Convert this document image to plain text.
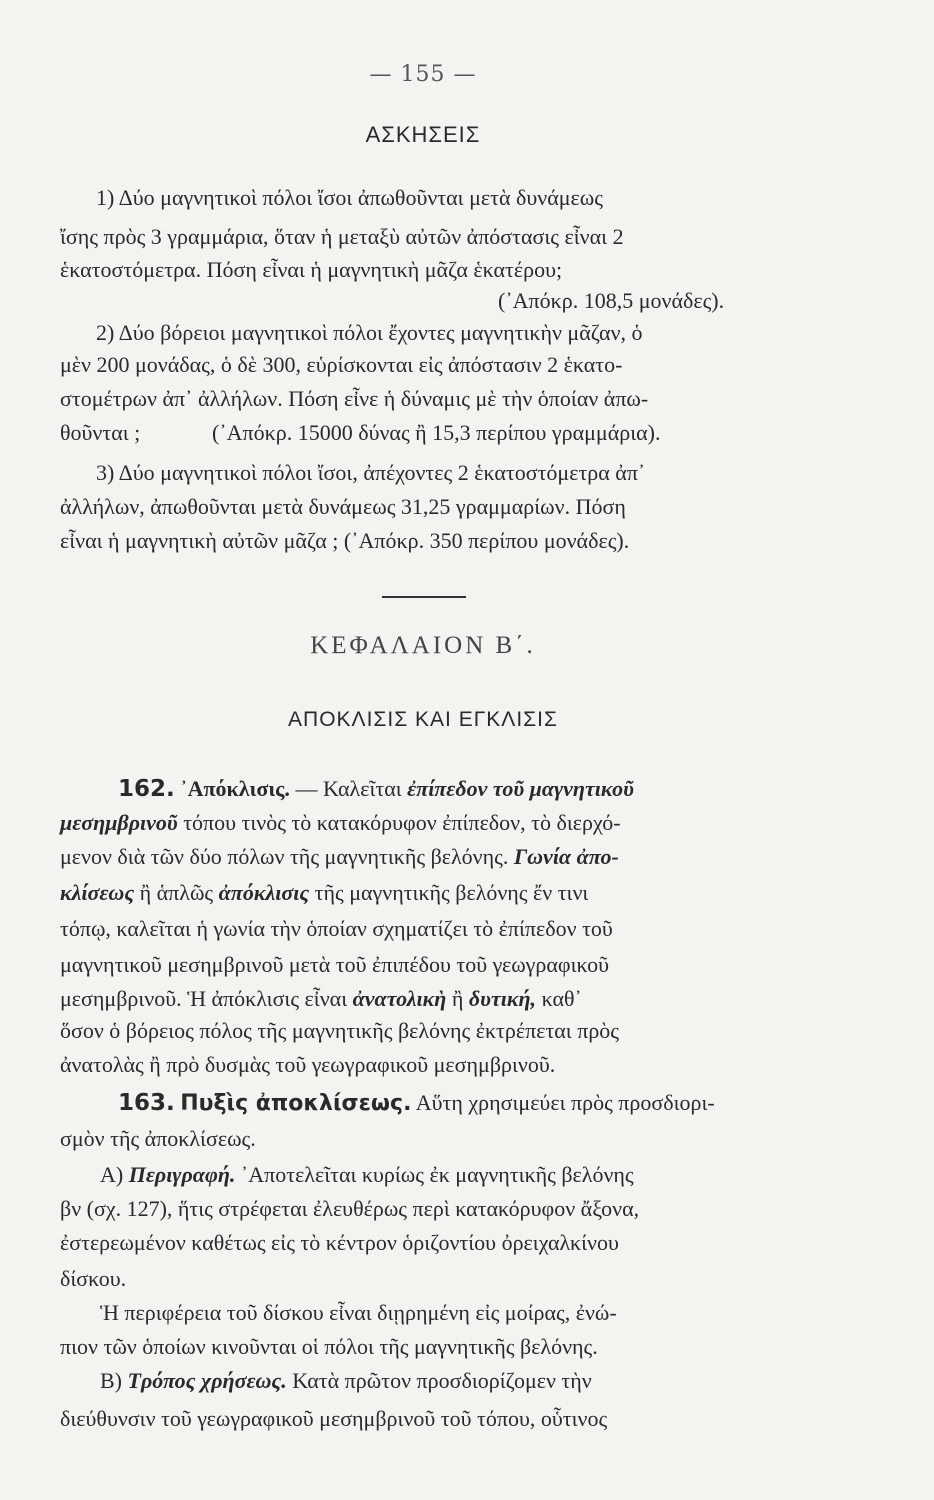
— 155 —
ΑΣΚΗΣΕΙΣ
1) Δύο μαγνητικοὶ πόλοι ἴσοι ἀπωθοῦνται μετὰ δυνάμεως
ἴσης πρὸς 3 γραμμάρια, ὅταν ἡ μεταξὺ αὐτῶν ἀπόστασις εἶναι 2
ἑκατοστόμετρα. Πόση εἶναι ἡ μαγνητικὴ μᾶζα ἑκατέρου;
(᾿Απόκρ. 108,5 μονάδες).
2) Δύο βόρειοι μαγνητικοὶ πόλοι ἔχοντες μαγνητικὴν μᾶζαν, ὁ
μὲν 200 μονάδας, ὁ δὲ 300, εὑρίσκονται εἰς ἀπόστασιν 2 ἑκατο-
στομέτρων ἀπ᾿ ἀλλήλων. Πόση εἶνε ἡ δύναμις μὲ τὴν ὁποίαν ἀπω-
θοῦνται ;	(᾿Απόκρ. 15000 δύνας ἢ 15,3 περίπου γραμμάρια).
3) Δύο μαγνητικοὶ πόλοι ἴσοι, ἀπέχοντες 2 ἑκατοστόμετρα ἀπ᾿
ἀλλήλων, ἀπωθοῦνται μετὰ δυνάμεως 31,25 γραμμαρίων. Πόση
εἶναι ἡ μαγνητικὴ αὐτῶν μᾶζα ; (᾿Απόκρ. 350 περίπου μονάδες).
ΚΕΦΑΛΑΙΟΝ Β΄.
ΑΠΟΚΛΙΣΙΣ ΚΑΙ ΕΓΚΛΙΣΙΣ
162. ᾿Απόκλισις. — Καλεῖται ἐπίπεδον τοῦ μαγνητικοῦ
μεσημβρινοῦ τόπου τινὸς τὸ κατακόρυφον ἐπίπεδον, τὸ διερχό-
μενον διὰ τῶν δύο πόλων τῆς μαγνητικῆς βελόνης. Γωνία ἀπο-
κλίσεως ἢ ἁπλῶς ἀπόκλισις τῆς μαγνητικῆς βελόνης ἔν τινι
τόπῳ, καλεῖται ἡ γωνία τὴν ὁποίαν σχηματίζει τὸ ἐπίπεδον τοῦ
μαγνητικοῦ μεσημβρινοῦ μετὰ τοῦ ἐπιπέδου τοῦ γεωγραφικοῦ
μεσημβρινοῦ. Ἡ ἀπόκλισις εἶναι ἀνατολικὴ ἢ δυτική, καθ᾿
ὅσον ὁ βόρειος πόλος τῆς μαγνητικῆς βελόνης ἐκτρέπεται πρὸς
ἀνατολὰς ἢ πρὸ δυσμὰς τοῦ γεωγραφικοῦ μεσημβρινοῦ.
163. Πυξὶς ἀποκλίσεως. Αὕτη χρησιμεύει πρὸς προσδιορι-
σμὸν τῆς ἀποκλίσεως.
Α) Περιγραφή. ᾿Αποτελεῖται κυρίως ἐκ μαγνητικῆς βελόνης
βν (σχ. 127), ἥτις στρέφεται ἐλευθέρως περὶ κατακόρυφον ἄξονα,
ἐστερεωμένον καθέτως εἰς τὸ κέντρον ὁριζοντίου ὀρειχαλκίνου
δίσκου.
Ἡ περιφέρεια τοῦ δίσκου εἶναι διῃρημένη εἰς μοίρας, ἐνώ-
πιον τῶν ὁποίων κινοῦνται οἱ πόλοι τῆς μαγνητικῆς βελόνης.
Β) Τρόπος χρήσεως. Κατὰ πρῶτον προσδιορίζομεν τὴν
διεύθυνσιν τοῦ γεωγραφικοῦ μεσημβρινοῦ τοῦ τόπου, οὗτινος
